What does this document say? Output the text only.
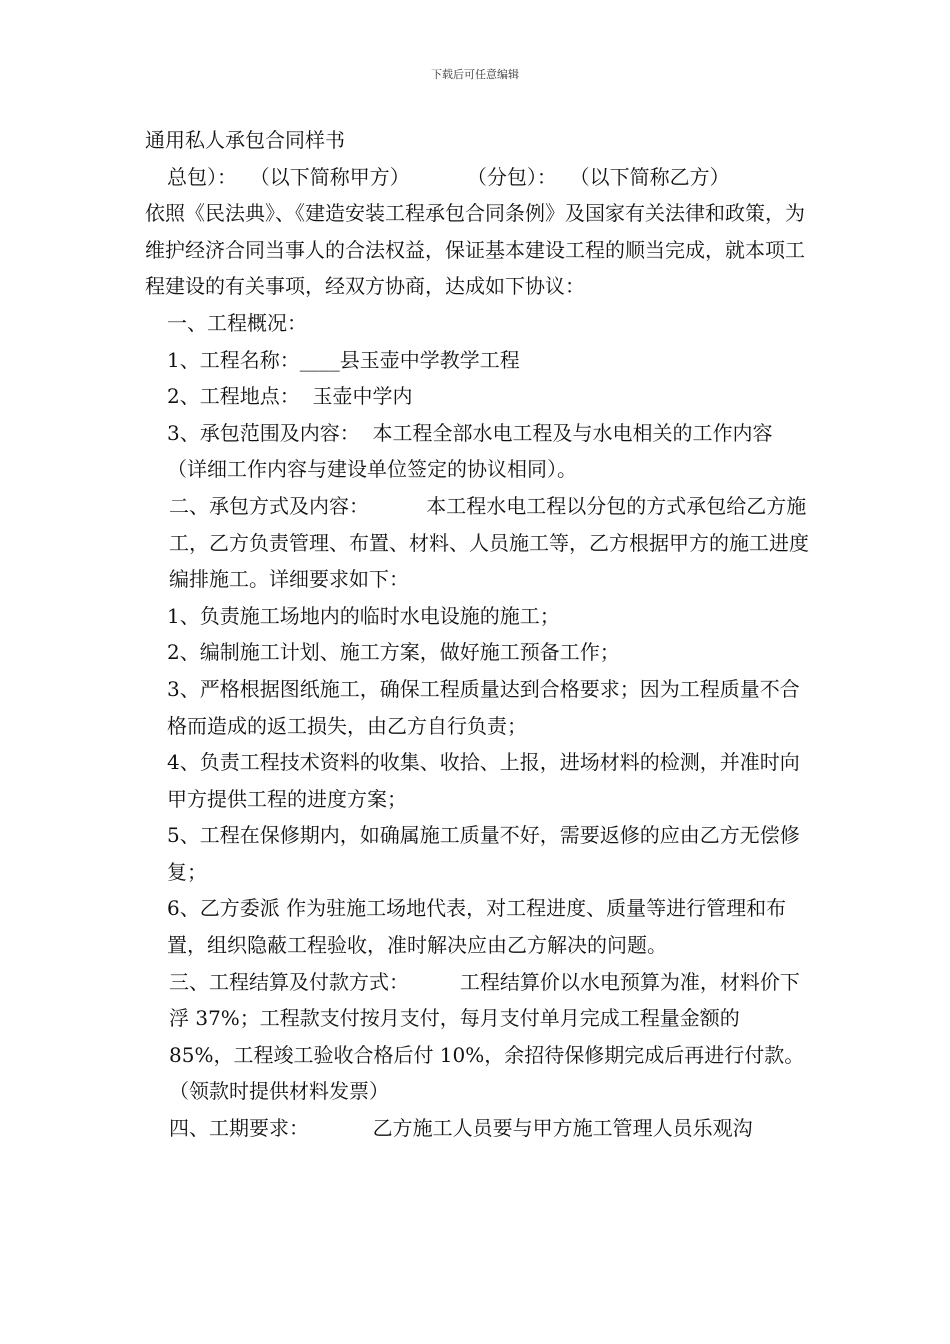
下载后可任意编辑

通用私人承包合同样书

总包）：  （以下简称甲方）         （分包）：  （以下简称乙方）

依照《民法典》、《建造安装工程承包合同条例》及国家有关法律和政策，为维护经济合同当事人的合法权益，保证基本建设工程的顺当完成，就本项工程建设的有关事项，经双方协商，达成如下协议：

一、工程概况：

1、工程名称：____县玉壶中学教学工程

2、工程地点：  玉壶中学内

3、承包范围及内容：  本工程全部水电工程及与水电相关的工作内容（详细工作内容与建设单位签定的协议相同）。

二、承包方式及内容：         本工程水电工程以分包的方式承包给乙方施工，乙方负责管理、布置、材料、人员施工等，乙方根据甲方的施工进度编排施工。详细要求如下：

1、负责施工场地内的临时水电设施的施工；

2、编制施工计划、施工方案，做好施工预备工作；

3、严格根据图纸施工，确保工程质量达到合格要求；因为工程质量不合格而造成的返工损失，由乙方自行负责；

4、负责工程技术资料的收集、收拾、上报，进场材料的检测，并准时向甲方提供工程的进度方案；

5、工程在保修期内，如确属施工质量不好，需要返修的应由乙方无偿修复；

6、乙方委派 作为驻施工场地代表，对工程进度、质量等进行管理和布置，组织隐蔽工程验收，准时解决应由乙方解决的问题。

三、工程结算及付款方式：        工程结算价以水电预算为准，材料价下浮 37%；工程款支付按月支付，每月支付单月完成工程量金额的 85%，工程竣工验收合格后付 10%，余招待保修期完成后再进行付款。（领款时提供材料发票）

四、工期要求：          乙方施工人员要与甲方施工管理人员乐观沟
